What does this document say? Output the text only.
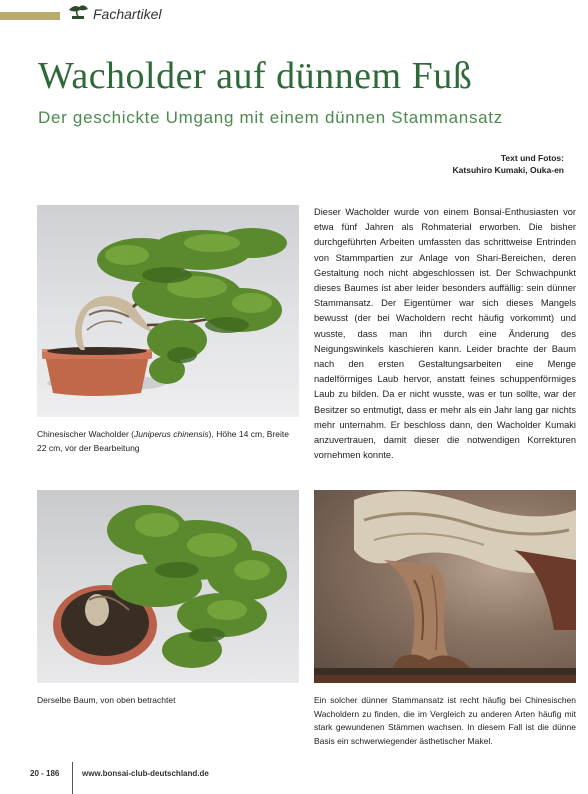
Fachartikel
Wacholder auf dünnem Fuß
Der geschickte Umgang mit einem dünnen Stammansatz
Text und Fotos:
Katsuhiro Kumaki, Ouka-en
Chinesischer Wacholder (Juniperus chinensis), Höhe 14 cm, Breite 22 cm, vor der Bearbeitung
Dieser Wacholder wurde von einem Bonsai-Enthusiasten vor etwa fünf Jahren als Rohmaterial erworben. Die bisher durchgeführten Arbeiten umfassten das schrittweise Entrinden von Stammpartien zur Anlage von Shari-Bereichen, deren Gestaltung noch nicht abgeschlossen ist. Der Schwachpunkt dieses Baumes ist aber leider besonders auffällig: sein dünner Stammansatz. Der Eigentümer war sich dieses Mangels bewusst (der bei Wacholdern recht häufig vorkommt) und wusste, dass man ihn durch eine Änderung des Neigungswinkels kaschieren kann. Leider brachte der Baum nach den ersten Gestaltungsarbeiten eine Menge nadelförmiges Laub hervor, anstatt feines schuppenförmiges Laub zu bilden. Da er nicht wusste, was er tun sollte, war der Besitzer so entmutigt, dass er mehr als ein Jahr lang gar nichts mehr unternahm. Er beschloss dann, den Wacholder Kumaki anzuvertrauen, damit dieser die notwendigen Korrekturen vornehmen konnte.
Derselbe Baum, von oben betrachtet	Ein solcher dünner Stammansatz ist recht häufig bei Chinesischen Wacholdern zu finden, die im Vergleich zu anderen Arten häufig mit stark gewundenen Stämmen wachsen. In diesem Fall ist die dünne Basis ein schwerwiegender ästhetischer Makel.
20 - 186	www.bonsai-club-deutschland.de
